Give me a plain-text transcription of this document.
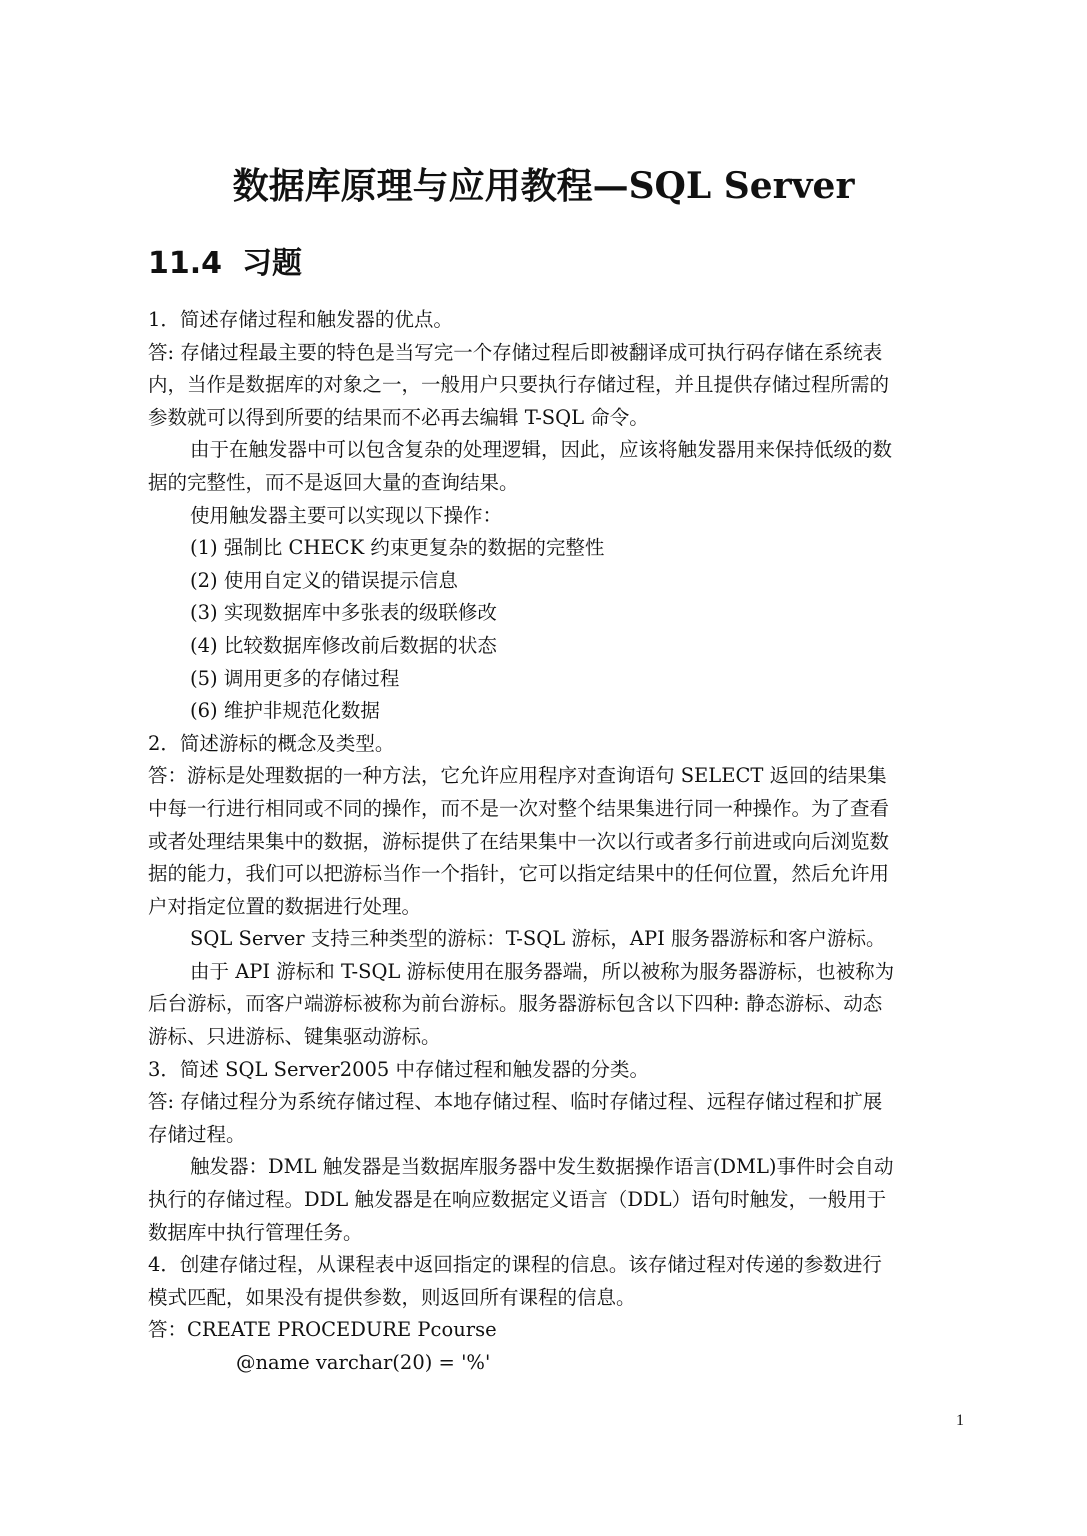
数据库原理与应用教程—SQL Server
11.4 习题
1．简述存储过程和触发器的优点。
答: 存储过程最主要的特色是当写完一个存储过程后即被翻译成可执行码存储在系统表
内，当作是数据库的对象之一，一般用户只要执行存储过程，并且提供存储过程所需的
参数就可以得到所要的结果而不必再去编辑 T-SQL 命令。
由于在触发器中可以包含复杂的处理逻辑，因此，应该将触发器用来保持低级的数
据的完整性，而不是返回大量的查询结果。
使用触发器主要可以实现以下操作：
(1) 强制比 CHECK 约束更复杂的数据的完整性
(2) 使用自定义的错误提示信息
(3) 实现数据库中多张表的级联修改
(4) 比较数据库修改前后数据的状态
(5) 调用更多的存储过程
(6) 维护非规范化数据
2．简述游标的概念及类型。
答：游标是处理数据的一种方法，它允许应用程序对查询语句 SELECT 返回的结果集
中每一行进行相同或不同的操作，而不是一次对整个结果集进行同一种操作。为了查看
或者处理结果集中的数据，游标提供了在结果集中一次以行或者多行前进或向后浏览数
据的能力，我们可以把游标当作一个指针，它可以指定结果中的任何位置，然后允许用
户对指定位置的数据进行处理。
SQL Server 支持三种类型的游标：T-SQL 游标，API 服务器游标和客户游标。
由于 API 游标和 T-SQL 游标使用在服务器端，所以被称为服务器游标，也被称为
后台游标，而客户端游标被称为前台游标。服务器游标包含以下四种: 静态游标、动态
游标、只进游标、键集驱动游标。
3．简述 SQL Server2005 中存储过程和触发器的分类。
答: 存储过程分为系统存储过程、本地存储过程、临时存储过程、远程存储过程和扩展
存储过程。
触发器：DML 触发器是当数据库服务器中发生数据操作语言(DML)事件时会自动
执行的存储过程。DDL 触发器是在响应数据定义语言（DDL）语句时触发，一般用于
数据库中执行管理任务。
4．创建存储过程，从课程表中返回指定的课程的信息。该存储过程对传递的参数进行
模式匹配，如果没有提供参数，则返回所有课程的信息。
答：CREATE PROCEDURE Pcourse
@name varchar(20) = '%'
1
